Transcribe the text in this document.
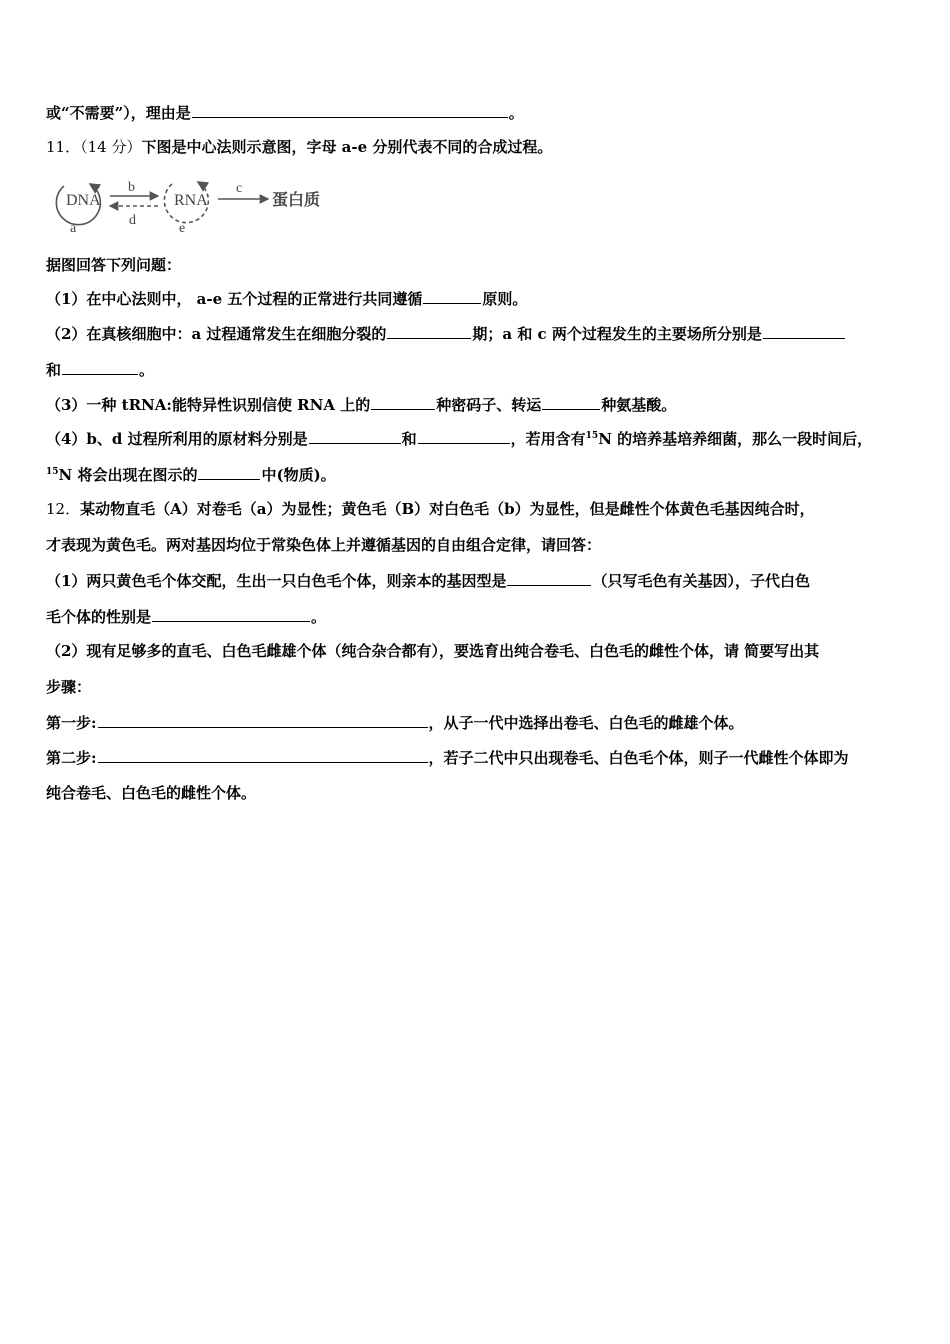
或“不需要”），理由是	。
11．（14 分）下图是中心法则示意图，字母 a-e 分别代表不同的合成过程。
DNA
a
b
d
RNA
e
c
蛋白质
据图回答下列问题：
（1）在中心法则中， a-e 五个过程的正常进行共同遵循	原则。
（2）在真核细胞中：a 过程通常发生在细胞分裂的	期；a 和 c 两个过程发生的主要场所分别是
和	。
（3）一种 tRNA:能特异性识别信使 RNA 上的	种密码子、转运	种氨基酸。
（4）b、d 过程所利用的原材料分别是	和	，若用含有$^{15}$N 的培养基培养细菌，那么一段时间后，
$^{15}$N 将会出现在图示的	中(物质)。
12．某动物直毛（A）对卷毛（a）为显性；黄色毛（B）对白色毛（b）为显性，但是雌性个体黄色毛基因纯合时，
才表现为黄色毛。两对基因均位于常染色体上并遵循基因的自由组合定律，请回答：
（1）两只黄色毛个体交配，生出一只白色毛个体，则亲本的基因型是	（只写毛色有关基因），子代白色
毛个体的性别是	。
（2）现有足够多的直毛、白色毛雌雄个体（纯合杂合都有），要选育出纯合卷毛、白色毛的雌性个体，请 简要写出其
步骤：
第一步:	，从子一代中选择出卷毛、白色毛的雌雄个体。
第二步:	，若子二代中只出现卷毛、白色毛个体，则子一代雌性个体即为
纯合卷毛、白色毛的雌性个体。
